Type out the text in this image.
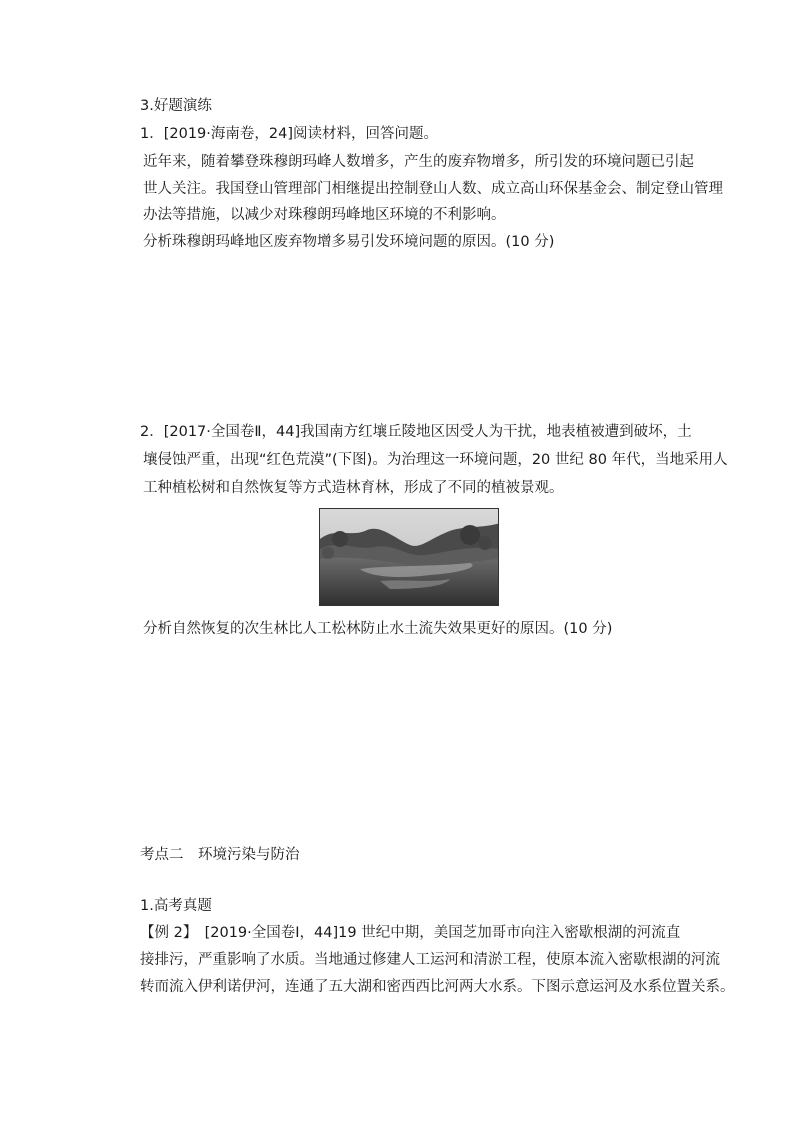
3.好题演练
1．[2019·海南卷，24]阅读材料，回答问题。
近年来，随着攀登珠穆朗玛峰人数增多，产生的废弃物增多，所引发的环境问题已引起
世人关注。我国登山管理部门相继提出控制登山人数、成立高山环保基金会、制定登山管理
办法等措施，以减少对珠穆朗玛峰地区环境的不利影响。
分析珠穆朗玛峰地区废弃物增多易引发环境问题的原因。(10 分)
2．[2017·全国卷Ⅱ，44]我国南方红壤丘陵地区因受人为干扰，地表植被遭到破坏，土
壤侵蚀严重，出现“红色荒漠”(下图)。为治理这一环境问题，20 世纪 80 年代，当地采用人
工种植松树和自然恢复等方式造林育林，形成了不同的植被景观。
分析自然恢复的次生林比人工松林防止水土流失效果更好的原因。(10 分)
考点二　环境污染与防治
1.高考真题
【例 2】　[2019·全国卷Ⅰ，44]19 世纪中期，美国芝加哥市向注入密歇根湖的河流直
接排污，严重影响了水质。当地通过修建人工运河和清淤工程，使原本流入密歇根湖的河流
转而流入伊利诺伊河，连通了五大湖和密西西比河两大水系。下图示意运河及水系位置关系。
